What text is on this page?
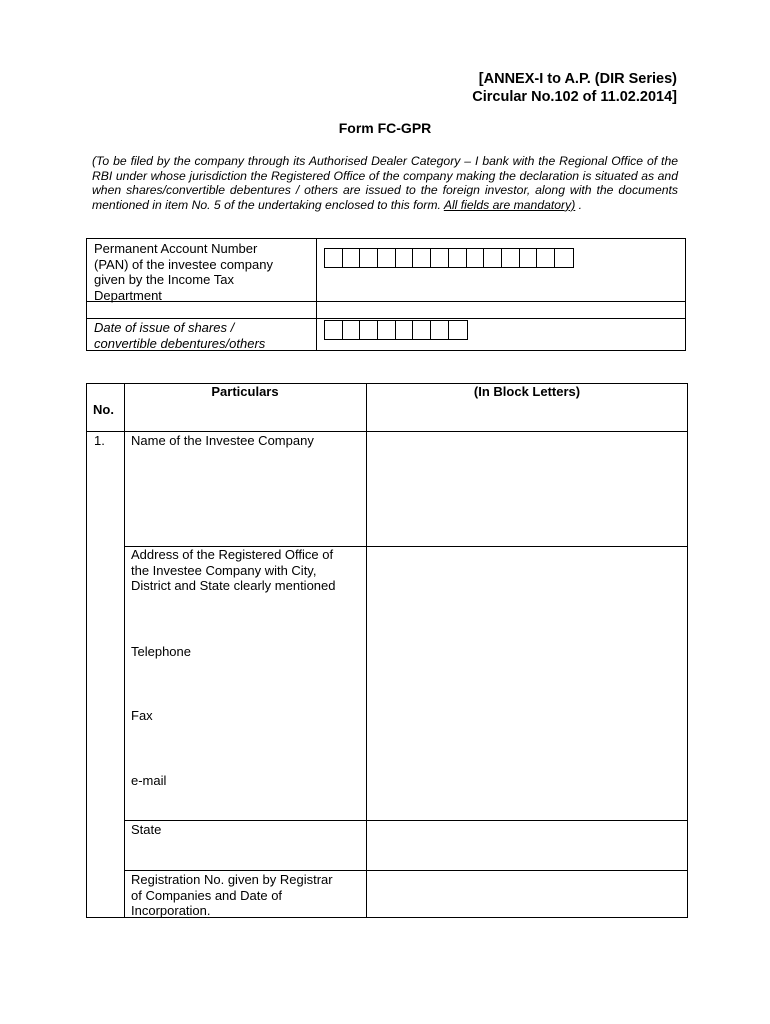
[ANNEX-I to A.P. (DIR Series)
Circular No.102 of 11.02.2014]
Form FC-GPR
(To be filed by the company through its Authorised Dealer Category – I bank with the Regional Office of the RBI under whose jurisdiction the Registered Office of the company making the declaration is situated as and when shares/convertible debentures / others are issued to the foreign investor, along with the documents mentioned in item No. 5 of the undertaking enclosed to this form. All fields are mandatory) .
Permanent Account Number
(PAN) of the investee company
given by the Income Tax
Department
Date of issue of shares /
convertible debentures/others
No.
Particulars	(In Block Letters)
1. Name of the Investee Company
Address of the Registered Office of
the Investee Company with City,
District and State clearly mentioned
Telephone
Fax
e-mail
State
Registration No. given by Registrar
of Companies and Date of
Incorporation.
